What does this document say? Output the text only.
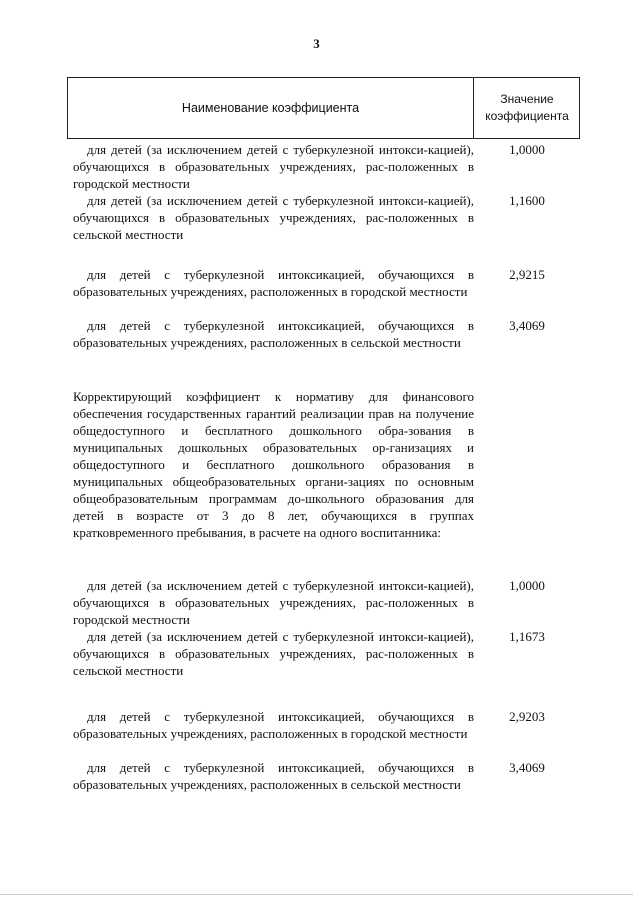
3
Наименование коэффициента
Значение
коэффициента
для детей (за исключением детей с туберкулезной интокси-кацией), обучающихся в образовательных учреждениях, рас-положенных в городской местности
1,0000
для детей (за исключением детей с туберкулезной интокси-кацией), обучающихся в образовательных учреждениях, рас-положенных в сельской местности
1,1600
для детей с туберкулезной интоксикацией, обучающихся в образовательных учреждениях, расположенных в городской местности
2,9215
для детей с туберкулезной интоксикацией, обучающихся в образовательных учреждениях, расположенных в сельской местности
3,4069
Корректирующий коэффициент к нормативу для финансового обеспечения государственных гарантий реализации прав на получение общедоступного и бесплатного дошкольного обра-зования в муниципальных дошкольных образовательных ор-ганизациях и общедоступного и бесплатного дошкольного образования в муниципальных общеобразовательных органи-зациях по основным общеобразовательным программам до-школьного образования для детей в возрасте от 3 до 8 лет, обучающихся в группах кратковременного пребывания, в расчете на одного воспитанника:
для детей (за исключением детей с туберкулезной интокси-кацией), обучающихся в образовательных учреждениях, рас-положенных в городской местности
1,0000
для детей (за исключением детей с туберкулезной интокси-кацией), обучающихся в образовательных учреждениях, рас-положенных в сельской местности
1,1673
для детей с туберкулезной интоксикацией, обучающихся в образовательных учреждениях, расположенных в городской местности
2,9203
для детей с туберкулезной интоксикацией, обучающихся в образовательных учреждениях, расположенных в сельской местности
3,4069
